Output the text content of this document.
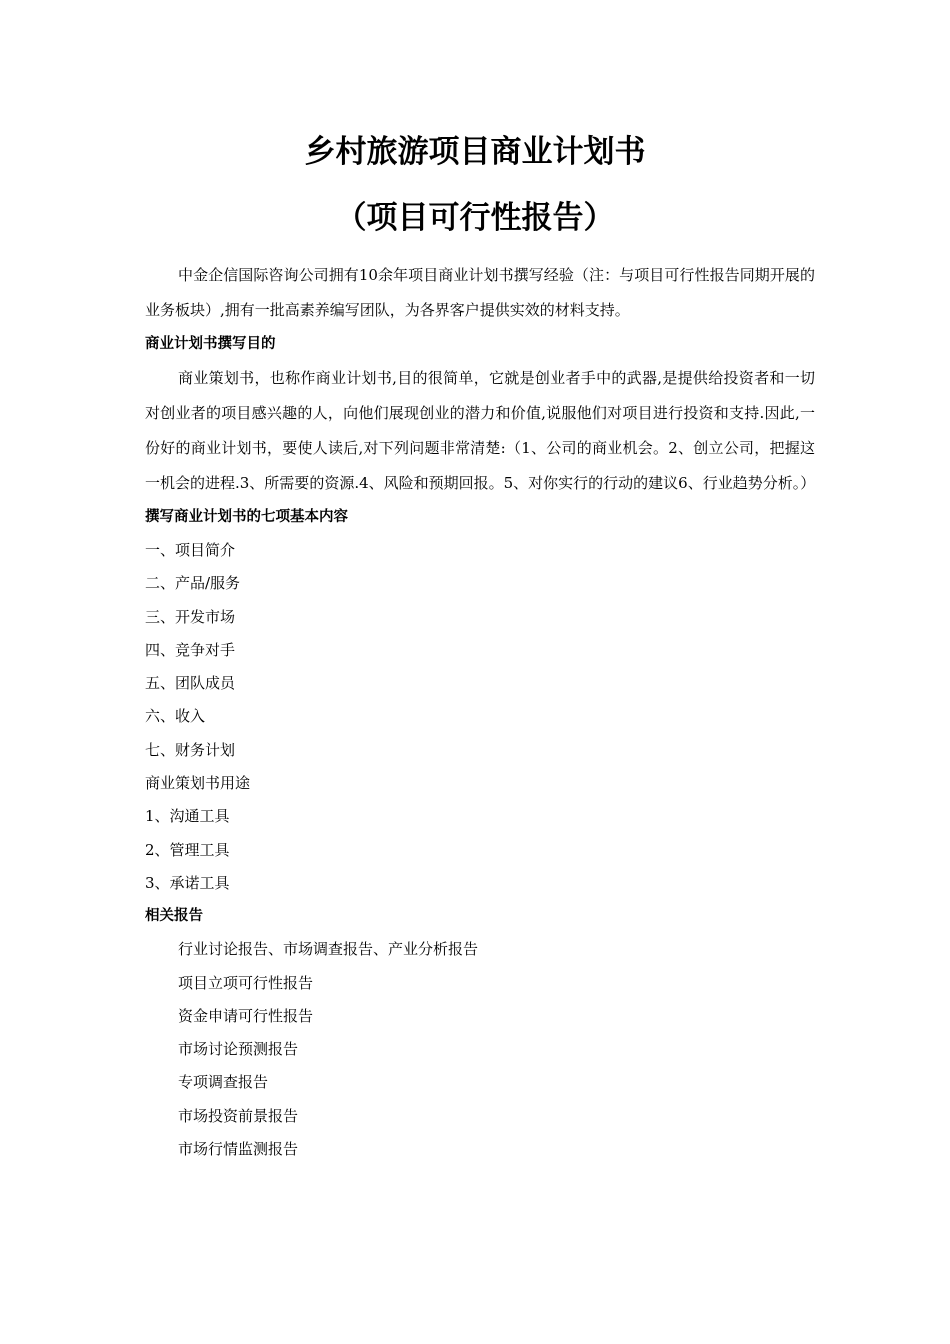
乡村旅游项目商业计划书
（项目可行性报告）

中金企信国际咨询公司拥有10余年项目商业计划书撰写经验（注：与项目可行性报告同期开展的业务板块）,拥有一批高素养编写团队，为各界客户提供实效的材料支持。

商业计划书撰写目的

商业策划书，也称作商业计划书,目的很简单，它就是创业者手中的武器,是提供给投资者和一切对创业者的项目感兴趣的人，向他们展现创业的潜力和价值,说服他们对项目进行投资和支持.因此,一份好的商业计划书，要使人读后,对下列问题非常清楚:（1、公司的商业机会。2、创立公司，把握这一机会的进程.3、所需要的资源.4、风险和预期回报。5、对你实行的行动的建议6、行业趋势分析。）

撰写商业计划书的七项基本内容

一、项目简介

二、产品/服务

三、开发市场

四、竞争对手

五、团队成员

六、收入

七、财务计划

商业策划书用途

1、沟通工具

2、管理工具

3、承诺工具

相关报告

行业讨论报告、市场调查报告、产业分析报告

项目立项可行性报告

资金申请可行性报告

市场讨论预测报告

专项调查报告

市场投资前景报告

市场行情监测报告
